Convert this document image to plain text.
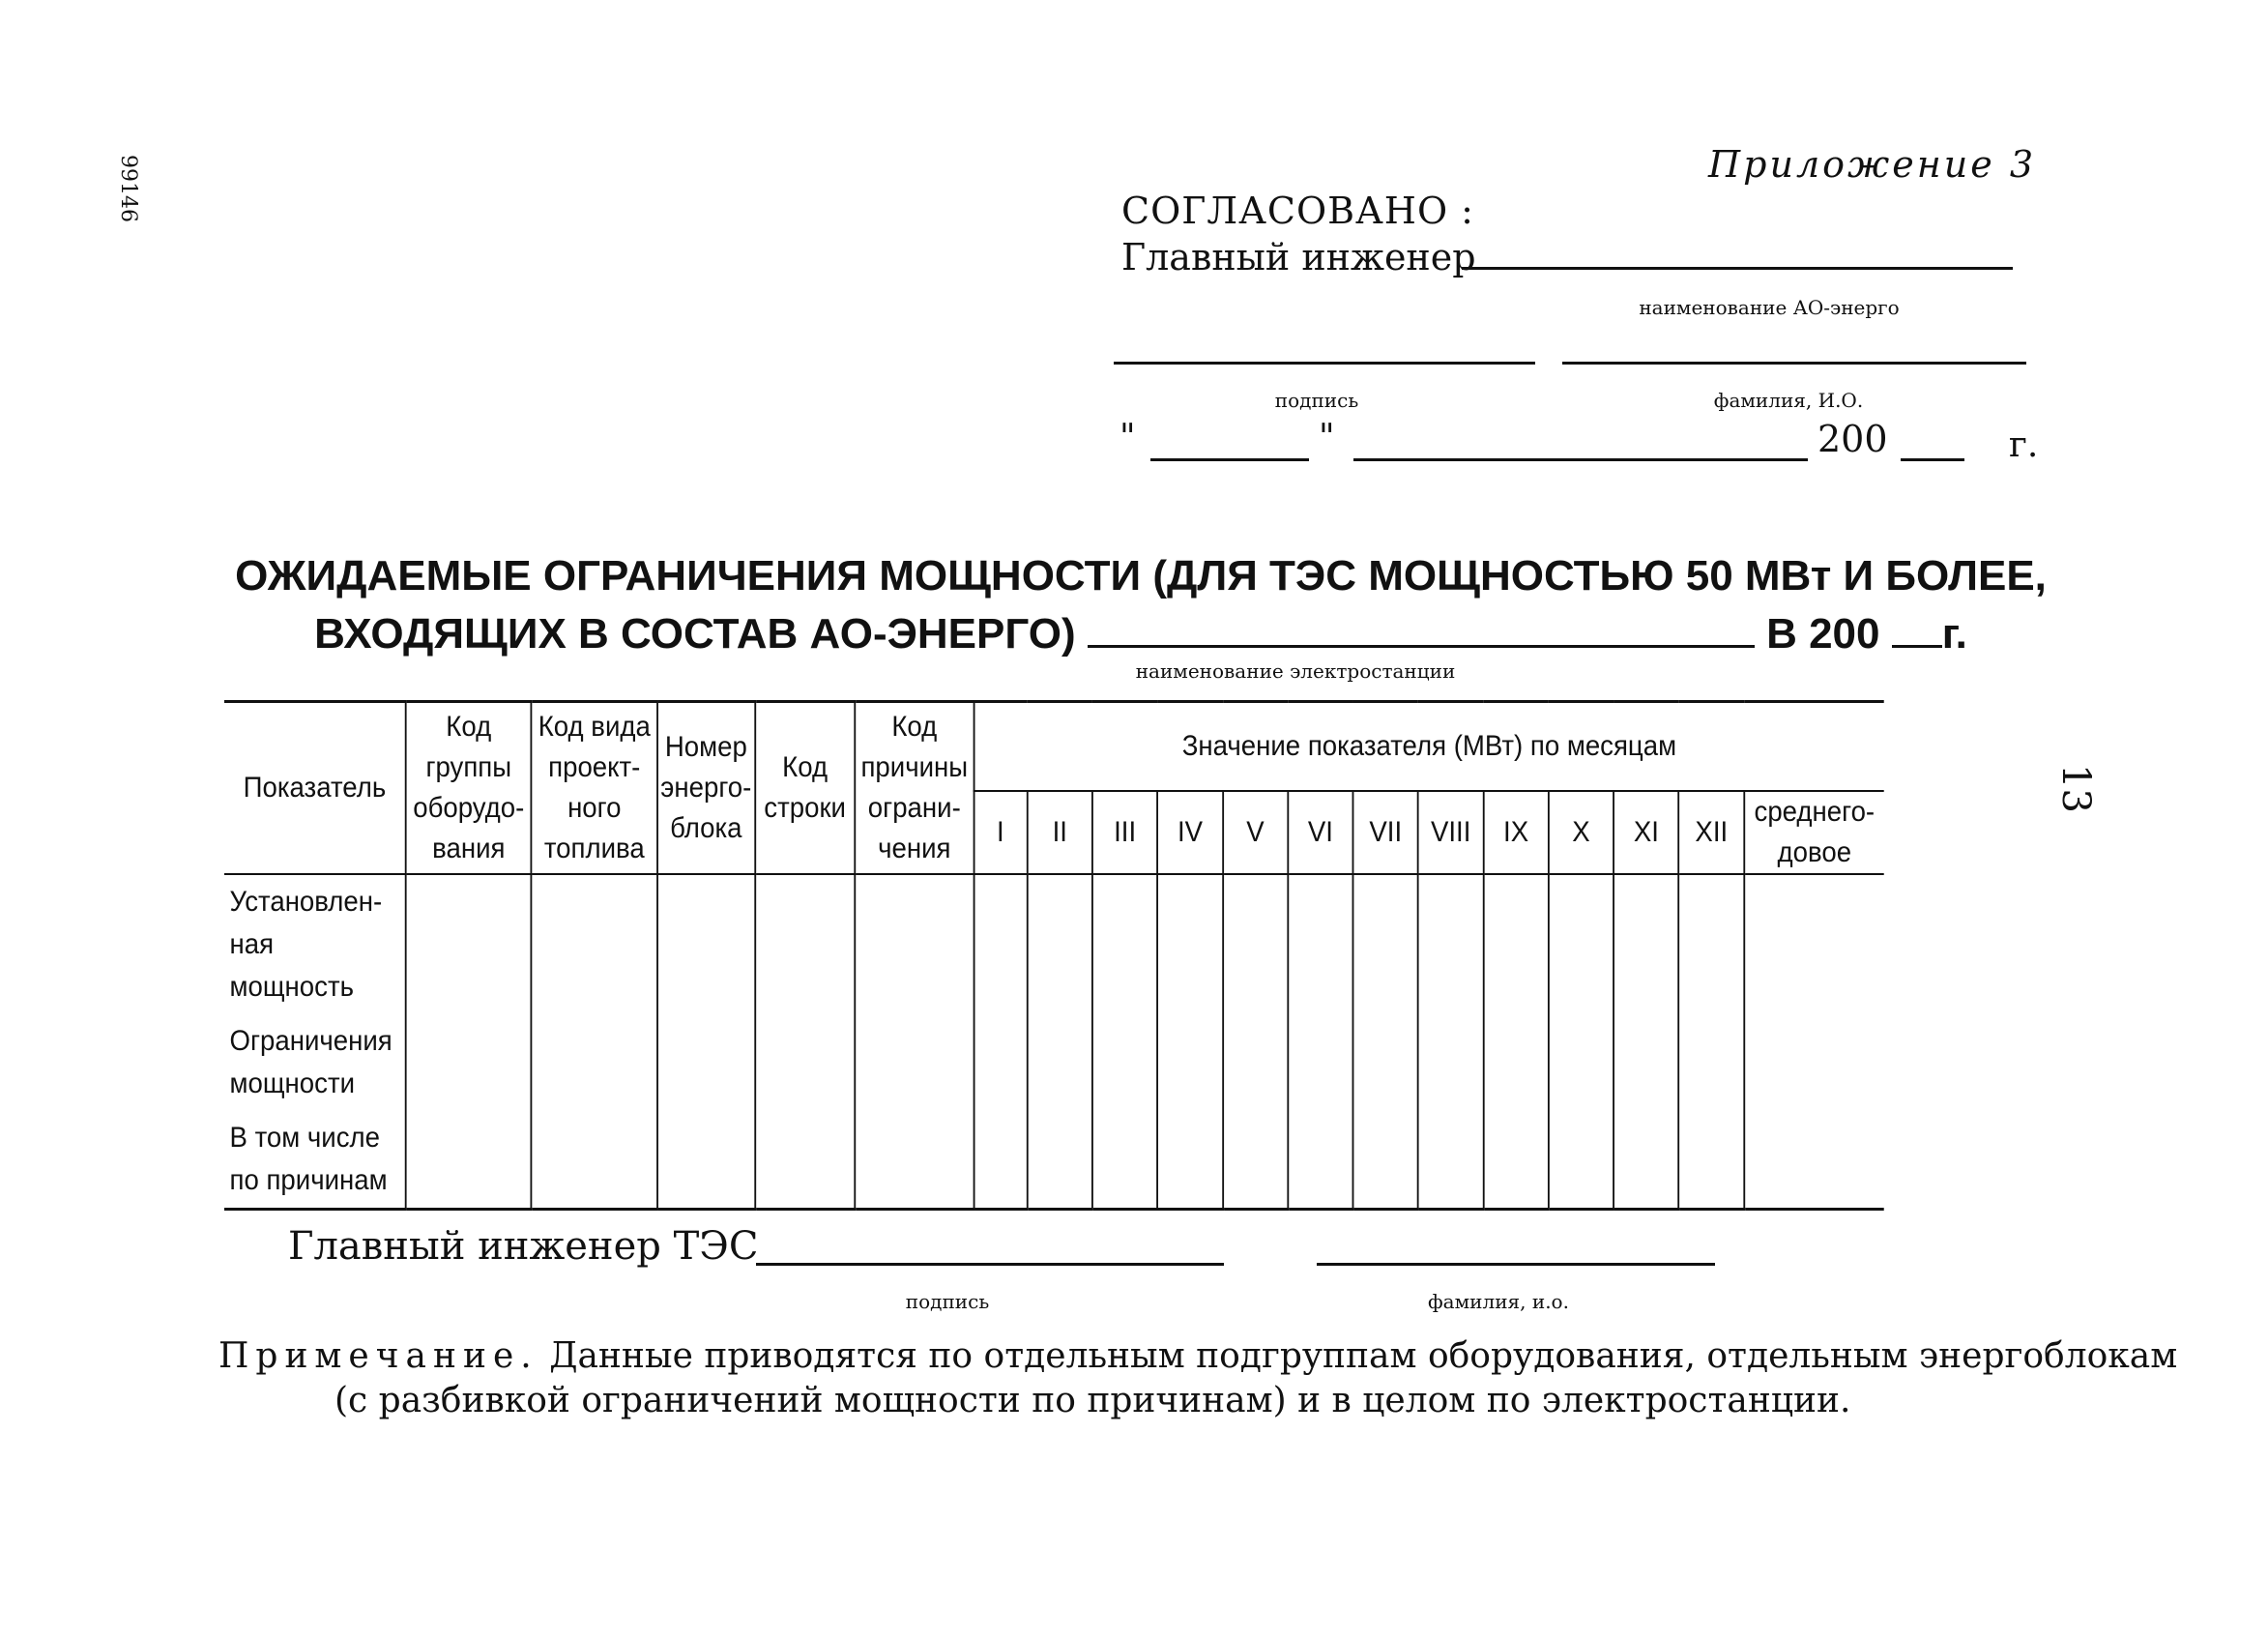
99146
13
Приложение 3
СОГЛАСОВАНО :
Главный инженер
наименование АО-энерго
подпись	фамилия, И.О.
"	"	200	г.
ОЖИДАЕМЫЕ ОГРАНИЧЕНИЯ МОЩНОСТИ (ДЛЯ ТЭС МОЩНОСТЬЮ 50 МВт И БОЛЕЕ,
ВХОДЯЩИХ В СОСТАВ АО-ЭНЕРГО)	В 200 г.
наименование электростанции
Показатель	Код группы оборудо-вания	Код вида проект-ного топлива	Номер энерго-блока	Код строки	Код причины ограни-чения	Значение показателя (МВт) по месяцам												
						I	II	III	IV	V	VI	VII	VIII	IX	X	XI	XII	среднего-довое

Установлен-ная мощность
Ограничения мощности
В том числе по причинам																		

Главный инженер ТЭС
подпись	фамилия, и.о.
Примечание. Данные приводятся по отдельным подгруппам оборудования, отдельным энергоблокам
(с разбивкой ограничений мощности по причинам) и в целом по электростанции.
